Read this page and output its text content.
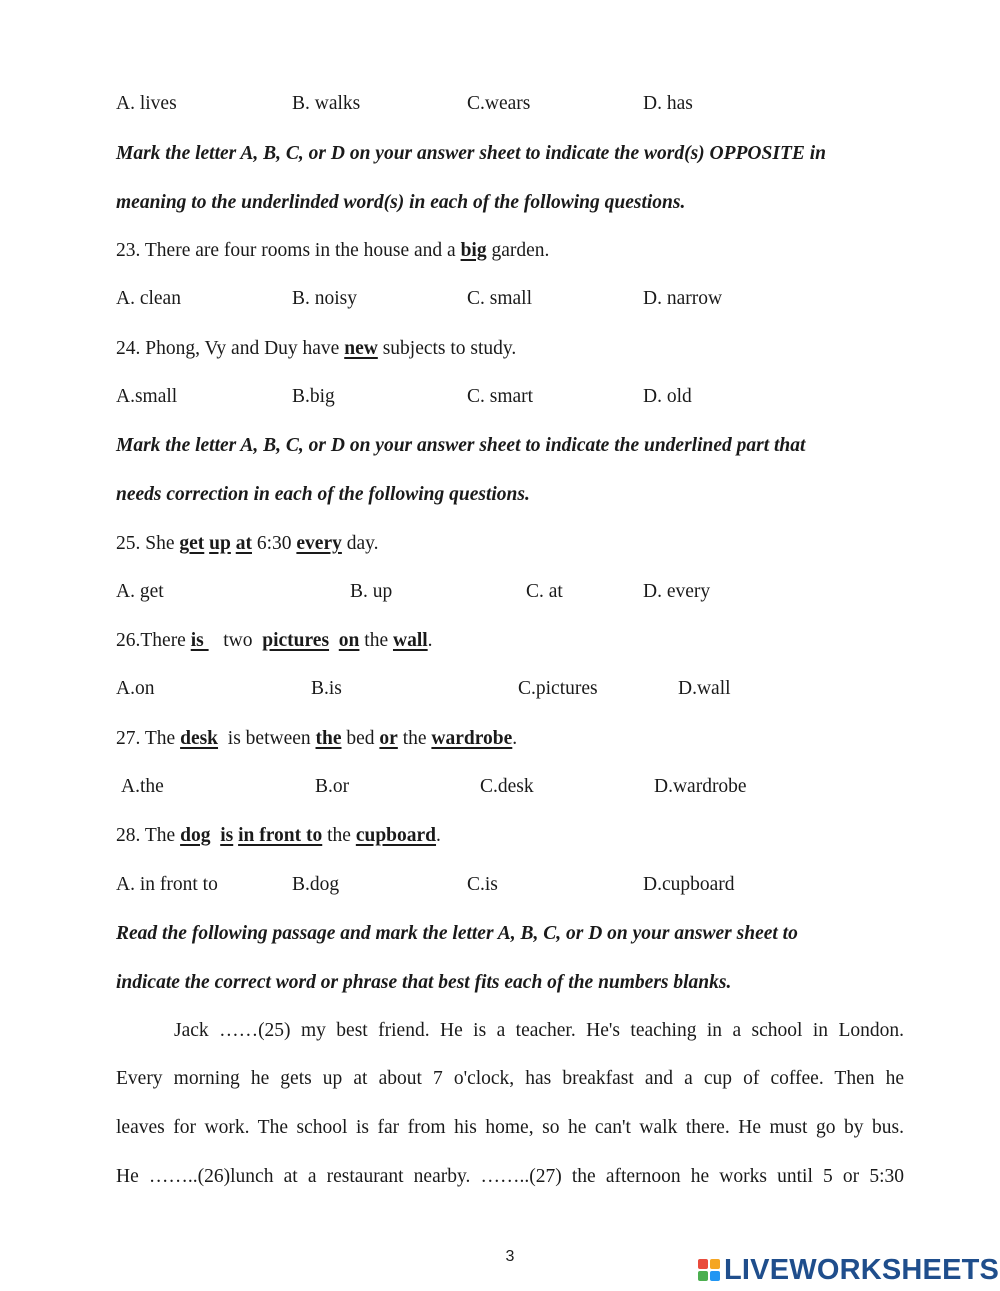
A. lives	B. walks	C.wears	D. has
Mark the letter A, B, C, or D on your answer sheet to indicate the word(s) OPPOSITE in
meaning to the underlinded word(s) in each of the following questions.
23. There are four rooms in the house and a big garden.
A. clean	B. noisy	C. small	D. narrow
24. Phong, Vy and Duy have new subjects to study.
A.small	B.big	C. smart	D. old
Mark the letter A, B, C, or D on your answer sheet to indicate the underlined part that
needs correction in each of the following questions.
25. She get up at 6:30 every day.
A. get	B. up	C. at	D. every
26.There is    two  pictures on the wall.
A.on	B.is	C.pictures	D.wall
27. The desk  is between the bed or the wardrobe.
A.the	B.or	C.desk	D.wardrobe
28. The dog is in front to the cupboard.
A. in front to	B.dog	C.is	D.cupboard
Read the following passage and mark the letter A, B, C, or D on your answer sheet to
indicate the correct word or phrase that best fits each of the numbers blanks.
Jack ……(25) my best friend. He is a teacher. He's teaching in a school in London.
Every morning he gets up at about 7 o'clock, has breakfast and a cup of coffee. Then he
leaves for work. The school is far from his home, so he can't walk there. He must go by bus.
He ……..(26)lunch at a restaurant nearby. ……..(27) the afternoon he works until 5 or 5:30
3	LIVEWORKSHEETS
